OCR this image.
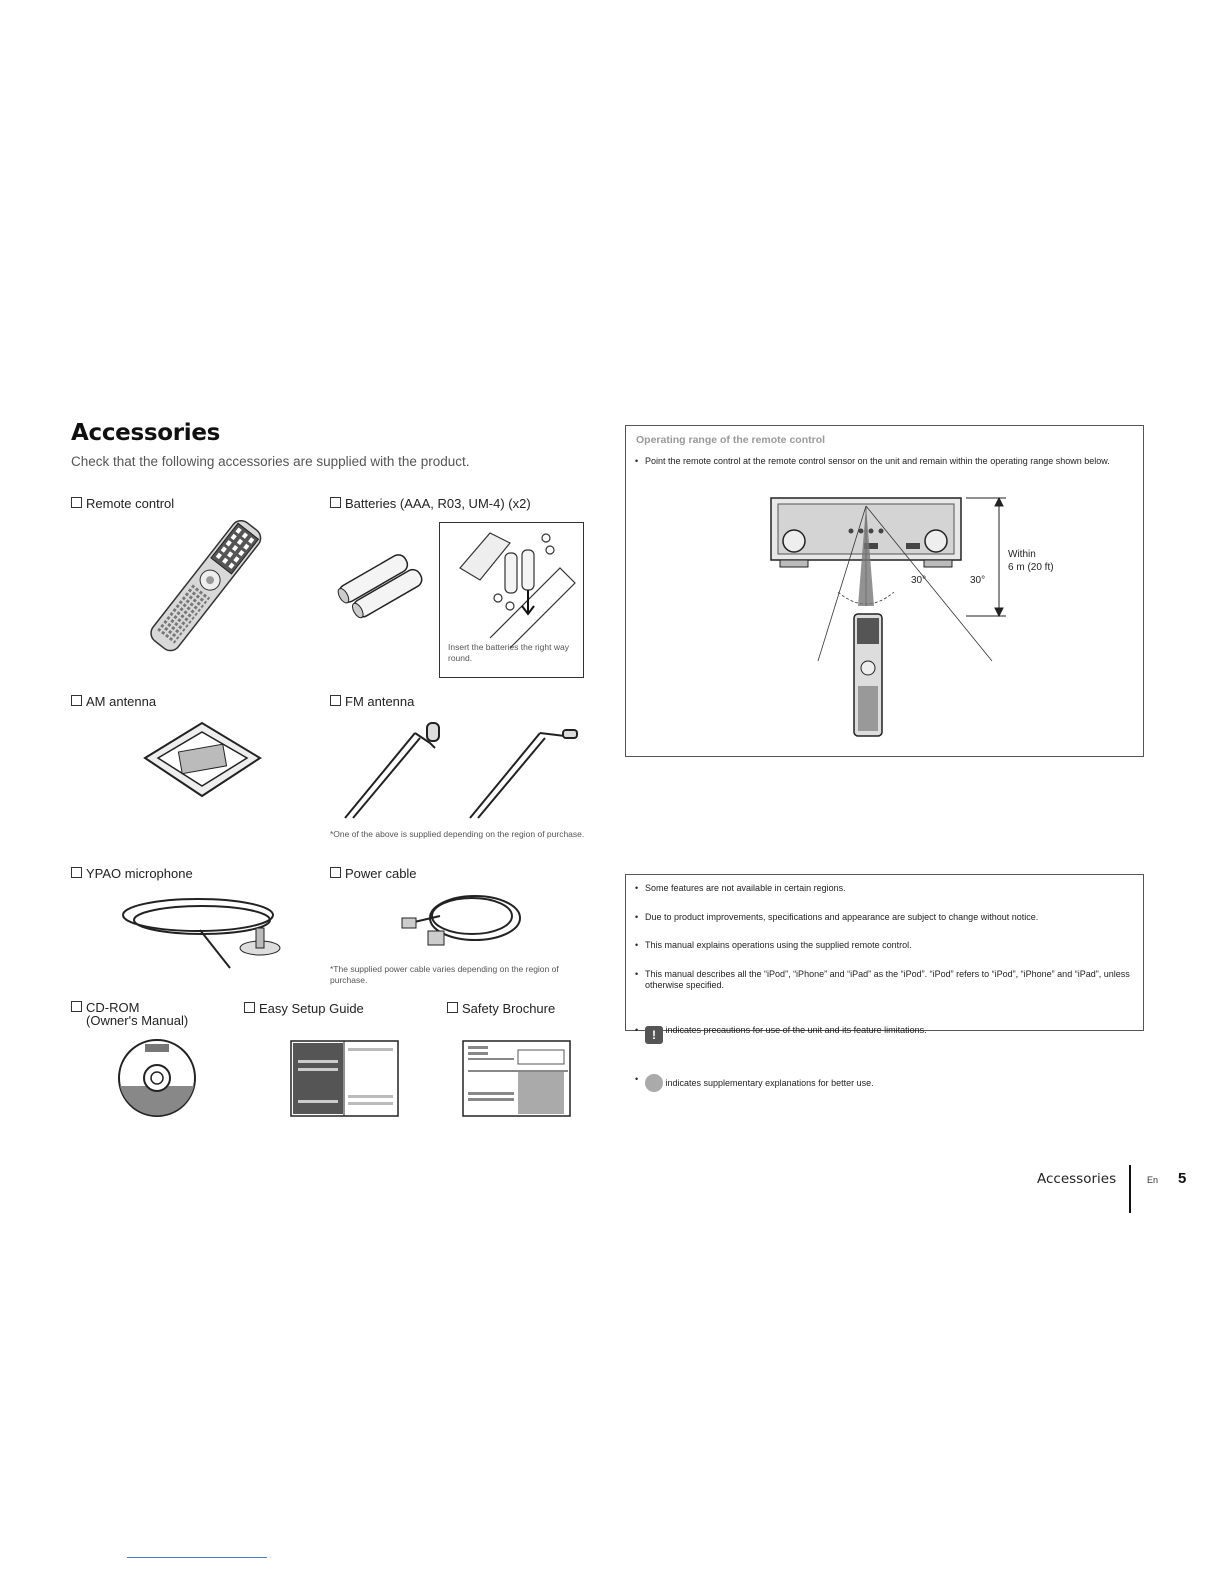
Accessories
Check that the following accessories are supplied with the product.
Remote control	Batteries (AAA, R03, UM-4) (x2)
Insert the batteries the right way round.
AM antenna	FM antenna
*One of the above is supplied depending on the region of purchase.
YPAO microphone	Power cable
*The supplied power cable varies depending on the region of purchase.
CD-ROM
(Owner's Manual)
Easy Setup Guide	Safety Brochure
Operating range of the remote control
• Point the remote control at the remote control sensor on the unit and remain within the operating range shown below.
30°	30°
Within
6 m (20 ft)
• Some features are not available in certain regions.
• Due to product improvements, specifications and appearance are subject to change without notice.
• This manual explains operations using the supplied remote control.
• This manual describes all the “iPod”, “iPhone” and “iPad” as the “iPod”. “iPod” refers to “iPod”, “iPhone” and “iPad”, unless otherwise specified.
• ! indicates precautions for use of the unit and its feature limitations.
• indicates supplementary explanations for better use.
Accessories	En 5
